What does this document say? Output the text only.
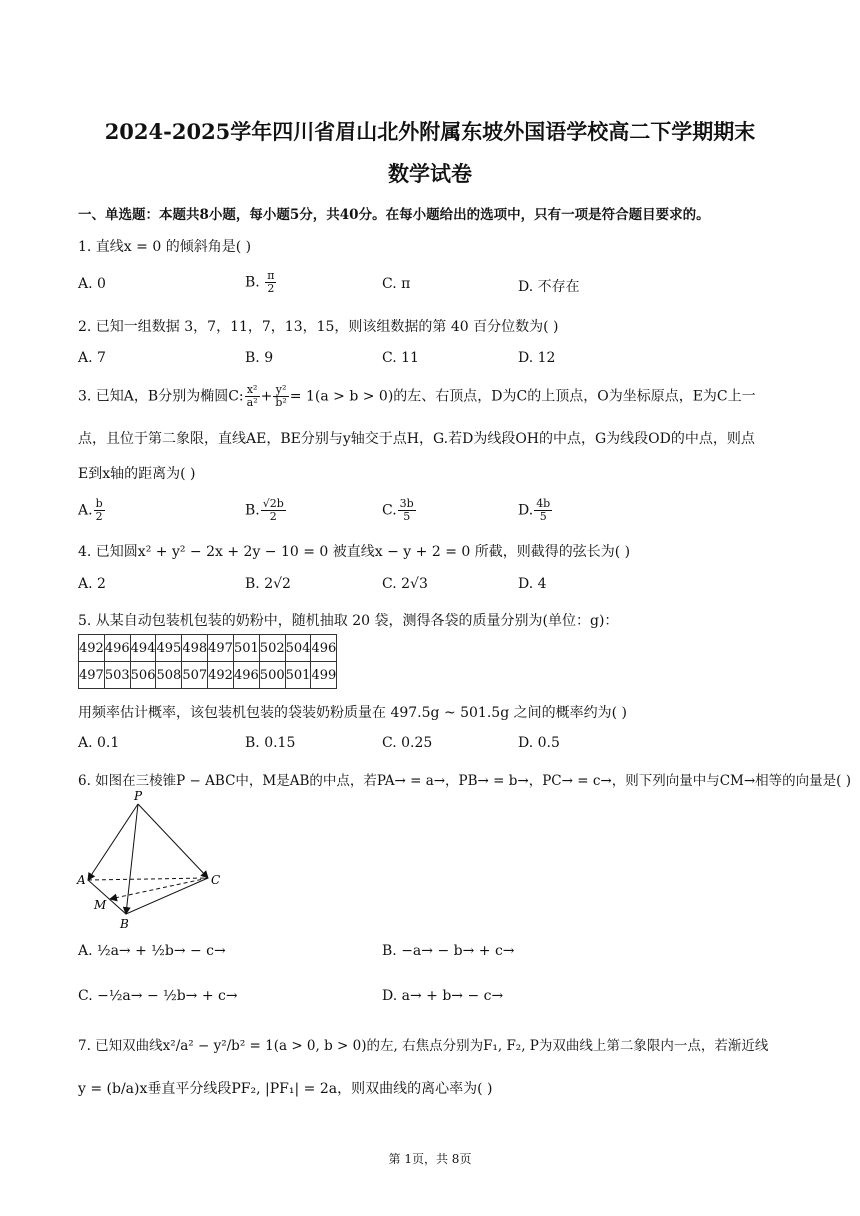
2024-2025学年四川省眉山北外附属东坡外国语学校高二下学期期末
数学试卷
一、单选题：本题共8小题，每小题5分，共40分。在每小题给出的选项中，只有一项是符合题目要求的。
1. 直线x = 0 的倾斜角是( )
A. 0	B. $\frac{\pi}{2}$	C. π	D. 不存在
2. 已知一组数据 3，7，11，7，13，15，则该组数据的第 40 百分位数为( )
A. 7	B. 9	C. 11	D. 12
3. 已知A，B分别为椭圆C: $\frac{\text{x²}}{\text{a²}} + \frac{\text{y²}}{\text{b²}} = 1(a > b > 0)$的左、右顶点，D为C的上顶点，O为坐标原点，E为C上一
点，且位于第二象限，直线AE，BE分别与y轴交于点H，G.若D为线段OH的中点，G为线段OD的中点，则点
E到x轴的距离为( )
A. $\frac{b}{2}$	B. $\frac{√2b}{2}$	C. $\frac{3b}{5}$	D. $\frac{4b}{5}$
4. 已知圆x² + y² − 2x + 2y − 10 = 0 被直线x − y + 2 = 0 所截，则截得的弦长为( )
A. 2	B. 2√2	C. 2√3	D. 4
5. 从某自动包装机包装的奶粉中，随机抽取 20 袋，测得各袋的质量分别为(单位：g)：
492	496	494	495	498	497	501	502	504	496
497	503	506	508	507	492	496	500	501	499
用频率估计概率，该包装机包装的袋装奶粉质量在 497.5g ~ 501.5g 之间的概率约为( )
A. 0.1	B. 0.15	C. 0.25	D. 0.5
6. 如图在三棱锥P − ABC中，M是AB的中点，若PA→ = a→，PB→ = b→，PC→ = c→，则下列向量中与CM→相等的向量是( )
P
A
B
C
M
A. ½a→ + ½b→ − c→	B. −a→ − b→ + c→
C. −½a→ − ½b→ + c→	D. a→ + b→ − c→
7. 已知双曲线x²/a² − y²/b² = 1(a > 0, b > 0)的左, 右焦点分别为F₁, F₂, P为双曲线上第二象限内一点，若渐近线
y = (b/a)x垂直平分线段PF₂, |PF₁| = 2a，则双曲线的离心率为( )
第 1页，共 8页
